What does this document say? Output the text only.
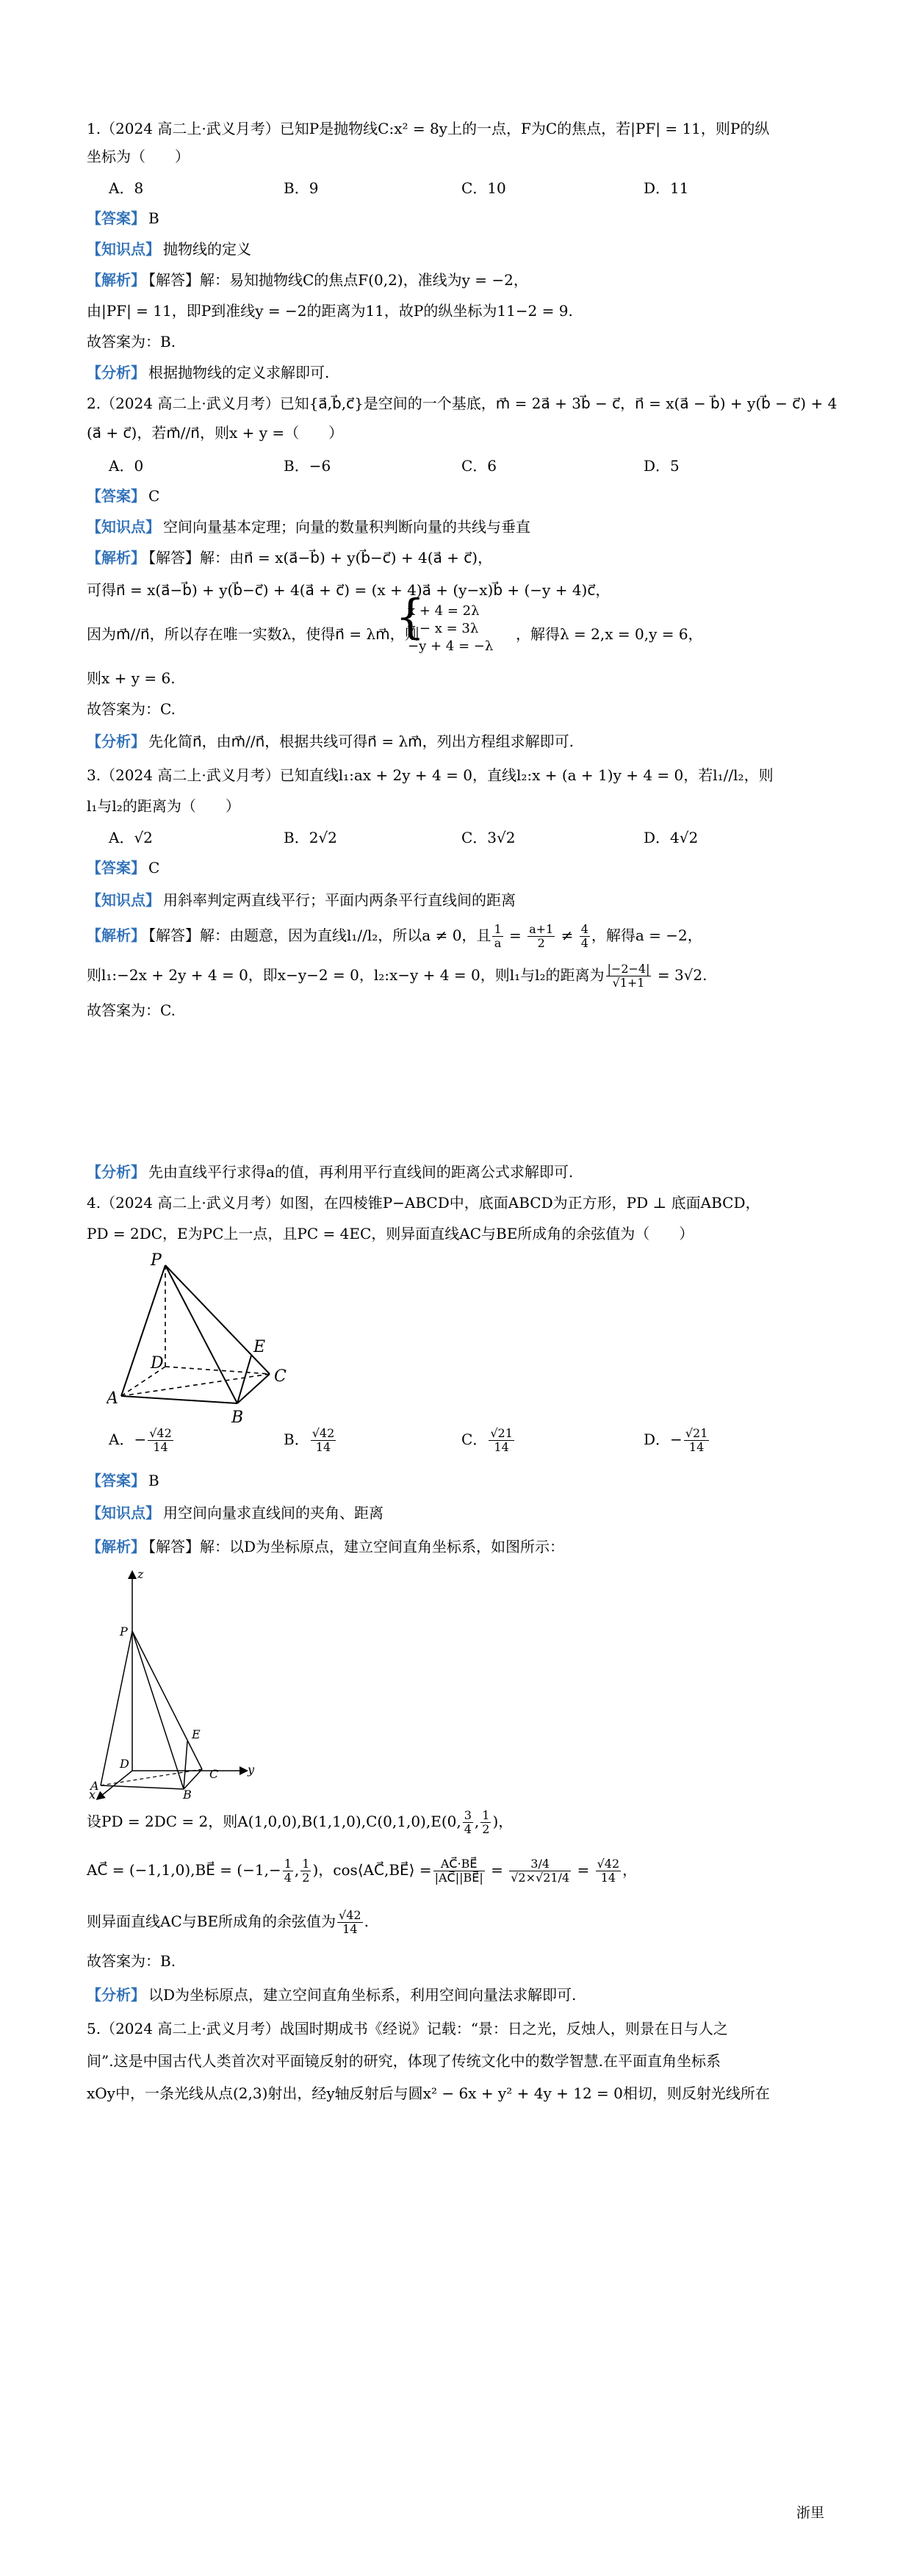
1.（2024 高二上·武义月考）已知P是抛物线C:x² = 8y上的一点，F为C的焦点，若|PF| = 11，则P的纵
坐标为（　　）
A．8	B．9	C．10	D．11
【答案】 B
【知识点】 抛物线的定义
【解析】 【解答】解：易知抛物线C的焦点F(0,2)，准线为y = −2，
由|PF| = 11，即P到准线y = −2的距离为11，故P的纵坐标为11−2 = 9.
故答案为：B.
【分析】 根据抛物线的定义求解即可.
2.（2024 高二上·武义月考）已知{a⃗,b⃗,c⃗}是空间的一个基底，m⃗ = 2a⃗ + 3b⃗ − c⃗，n⃗ = x(a⃗ − b⃗) + y(b⃗ − c⃗) + 4
(a⃗ + c⃗)，若m⃗//n⃗，则x + y =（　　）
A．0	B．−6	C．6	D．5
【答案】 C
【知识点】 空间向量基本定理；向量的数量积判断向量的共线与垂直
【解析】 【解答】解：由n⃗ = x(a⃗−b⃗) + y(b⃗−c⃗) + 4(a⃗ + c⃗)，
可得n⃗ = x(a⃗−b⃗) + y(b⃗−c⃗) + 4(a⃗ + c⃗) = (x + 4)a⃗ + (y−x)b⃗ + (−y + 4)c⃗，
因为m⃗//n⃗，所以存在唯一实数λ，使得n⃗ = λm⃗，则
{
x + 4 = 2λ
y − x = 3λ
−y + 4 = −λ
，解得λ = 2,x = 0,y = 6，
则x + y = 6.
故答案为：C.
【分析】 先化简n⃗，由m⃗//n⃗，根据共线可得n⃗ = λm⃗，列出方程组求解即可.
3.（2024 高二上·武义月考）已知直线l₁:ax + 2y + 4 = 0，直线l₂:x + (a + 1)y + 4 = 0，若l₁//l₂，则
l₁与l₂的距离为（　　）
A．√2	B．2√2	C．3√2	D．4√2
【答案】 C
【知识点】 用斜率判定两直线平行；平面内两条平行直线间的距离
【解析】 【解答】解：由题意，因为直线l₁//l₂，所以a ≠ 0，且 $\frac{1}{a} = \frac{a+1}{2} \ne \frac{4}{4}$ ，解得a = −2，
则l₁:−2x + 2y + 4 = 0，即x−y−2 = 0，l₂:x−y + 4 = 0，则l₁与l₂的距离为 $\frac{|-2-4|}{√1+1} = 3√2$.
故答案为：C.
【分析】 先由直线平行求得a的值，再利用平行直线间的距离公式求解即可.
4.（2024 高二上·武义月考）如图，在四棱锥P−ABCD中，底面ABCD为正方形，PD ⊥ 底面ABCD，
PD = 2DC，E为PC上一点，且PC = 4EC，则异面直线AC与BE所成角的余弦值为（　　）
P
E
D
C
A
B
A．− $\frac{√42}{14}$	B． $\frac{√42}{14}$	C． $\frac{√21}{14}$	D．− $\frac{√21}{14}$
【答案】 B
【知识点】 用空间向量求直线间的夹角、距离
【解析】 【解答】解：以D为坐标原点，建立空间直角坐标系，如图所示：
z
P
E
D
C y
A
B
x
设PD = 2DC = 2，则A(1,0,0),B(1,1,0),C(0,1,0),E(0, $\frac{3}{4}$ , $\frac{1}{2}$ )，
AC⃗ = (−1,1,0),BE⃗ = ($-1,- \frac{1}{4}$ , $\frac{1}{2}$ )，cos⟨AC⃗,BE⃗⟩ = $\frac{AC⃗\cdot BE⃗}{|AC⃗||BE⃗|} = \frac{3/4}{√2\times√21/4} = \frac{√42}{14}$ ，
则异面直线AC与BE所成角的余弦值为 $\frac{√42}{14}$ .
故答案为：B.
【分析】 以D为坐标原点，建立空间直角坐标系，利用空间向量法求解即可.
5.（2024 高二上·武义月考）战国时期成书《经说》记载：“景：日之光，反烛人，则景在日与人之
间”.这是中国古代人类首次对平面镜反射的研究，体现了传统文化中的数学智慧.在平面直角坐标系
xOy中，一条光线从点(2,3)射出，经y轴反射后与圆x² − 6x + y² + 4y + 12 = 0相切，则反射光线所在
浙里
